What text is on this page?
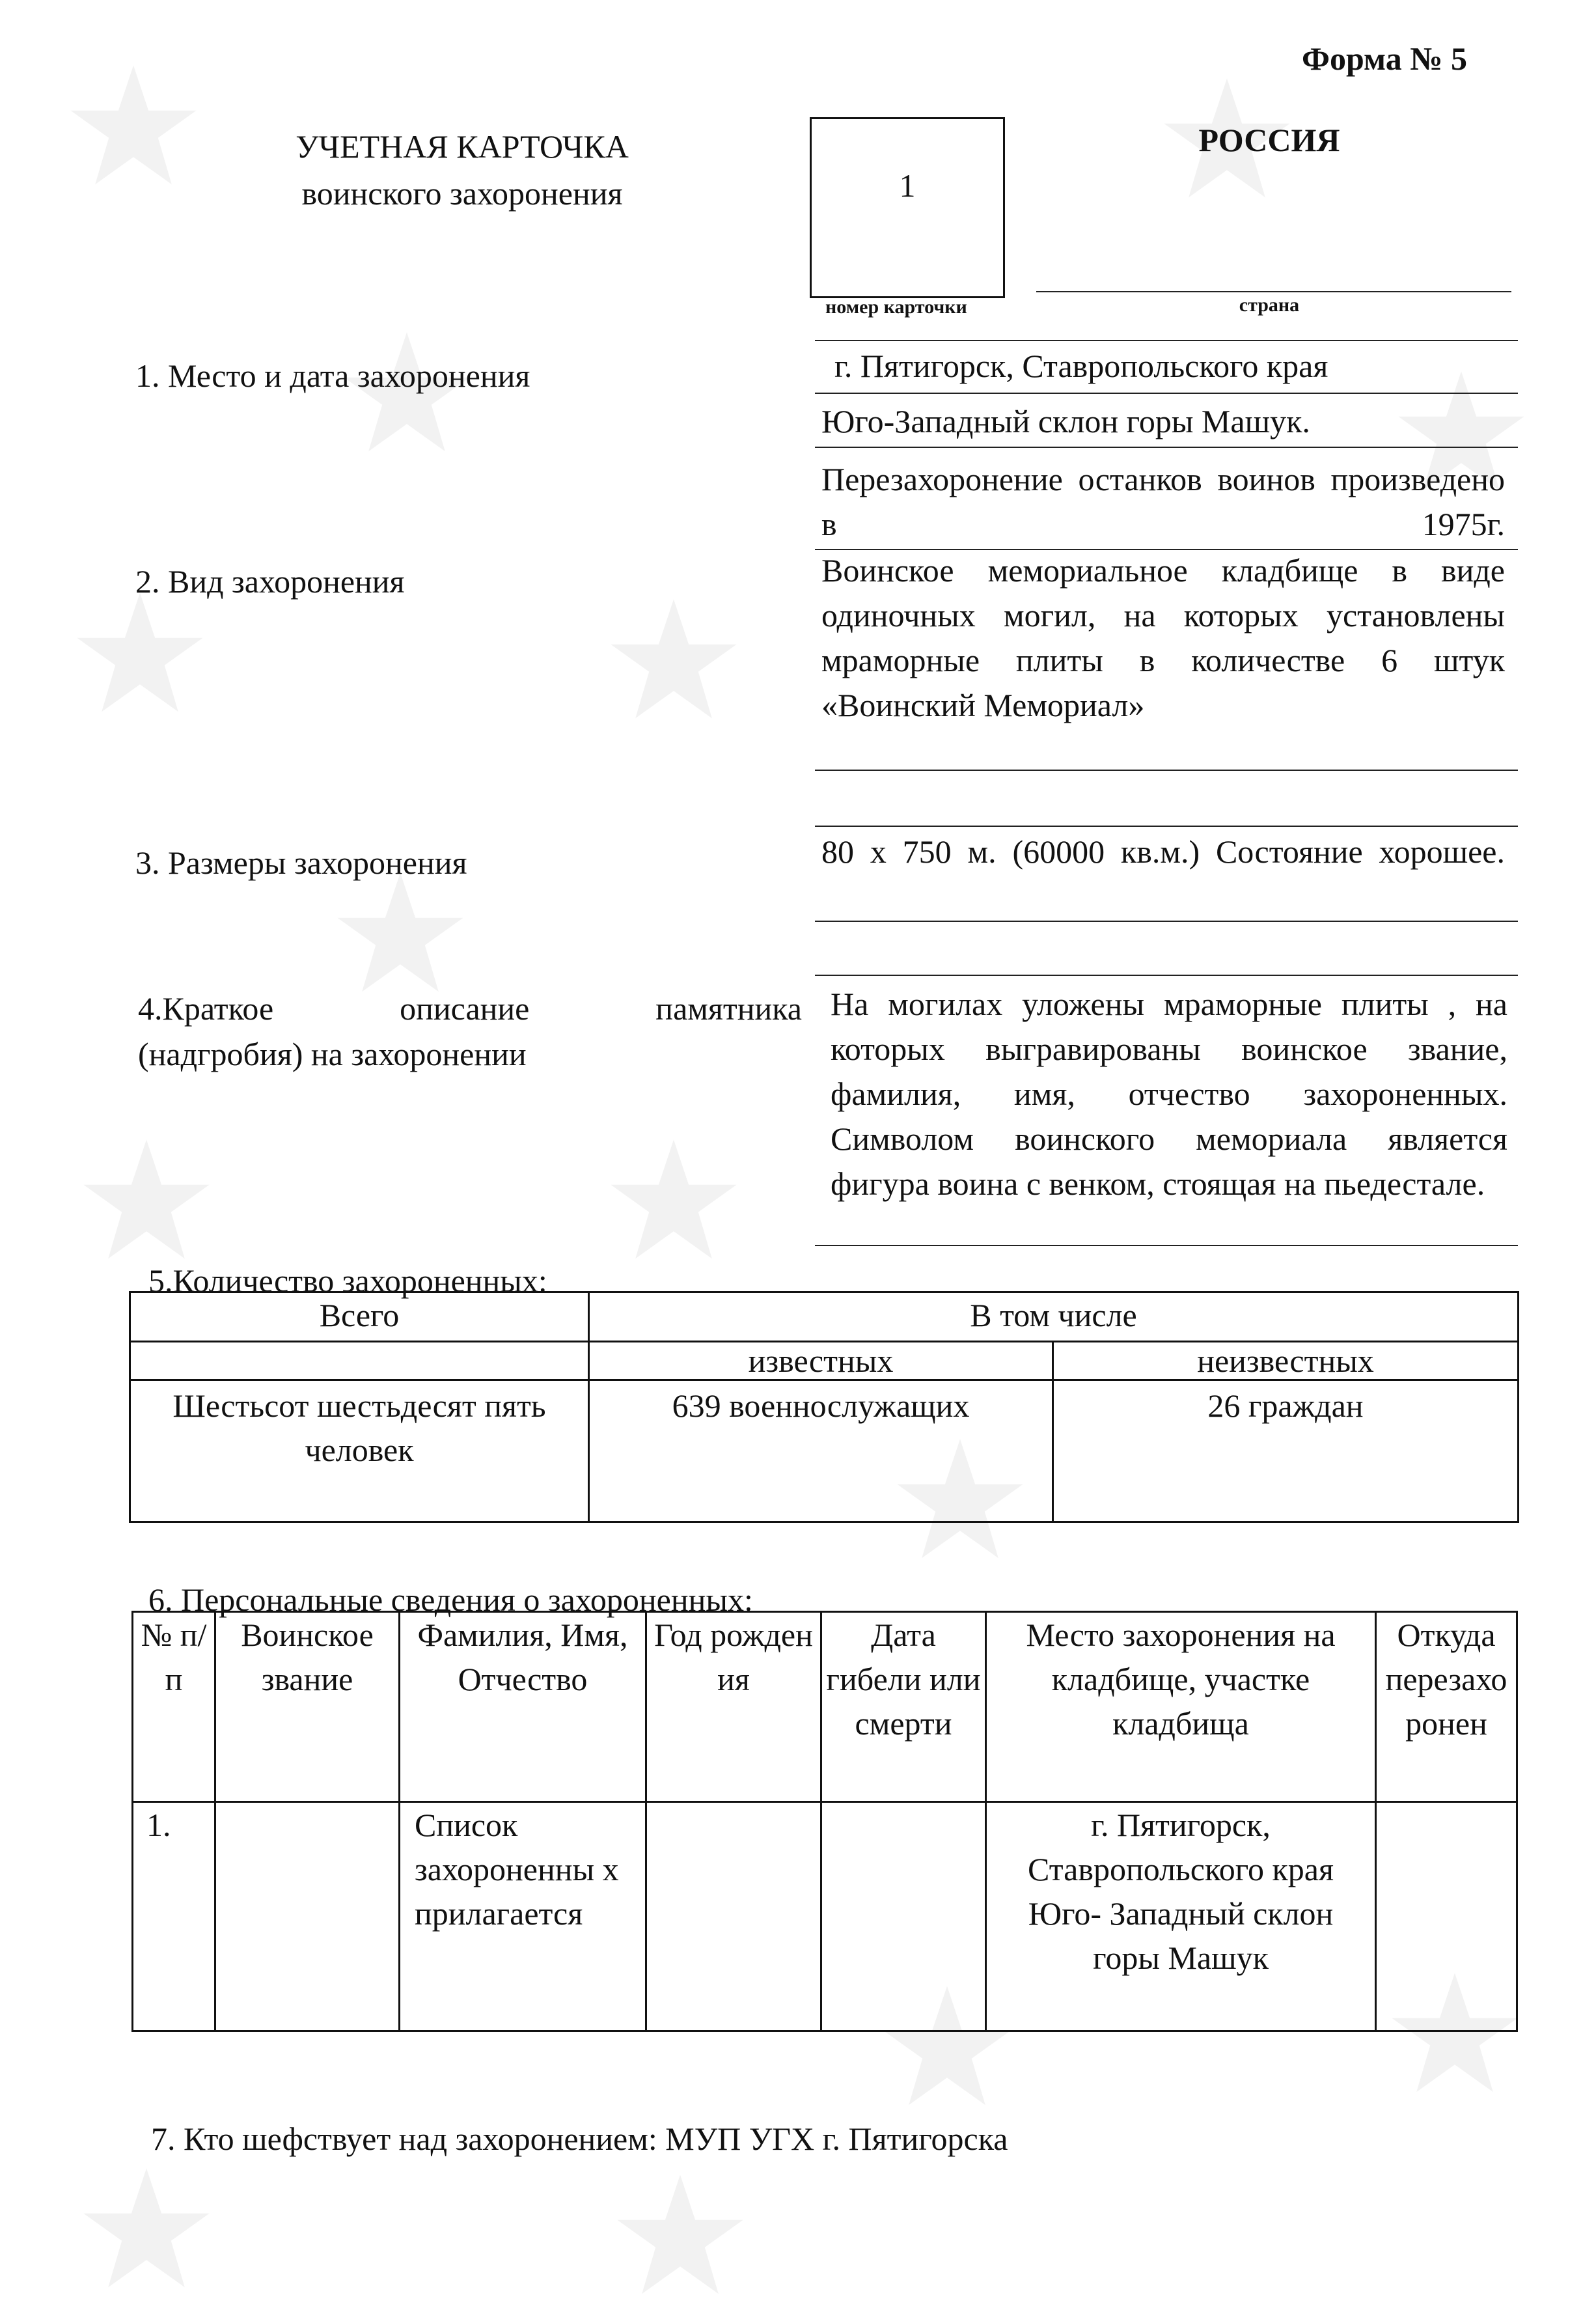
Форма № 5
УЧЕТНАЯ КАРТОЧКА
воинского захоронения	1
номер карточки
РОССИЯ
страна
1. Место и дата захоронения	г. Пятигорск, Ставропольского края
Юго-Западный склон горы Машук.
Перезахоронение останков воинов произведено в 1975г.
2. Вид захоронения	Воинское мемориальное кладбище в виде одиночных могил, на которых установлены мраморные плиты в количестве 6 штук «Воинский Мемориал»
3. Размеры захоронения	80 х 750 м. (60000 кв.м.) Состояние хорошее.
4.Краткое описание памятника
(надгробия) на захоронении
На могилах уложены мраморные плиты , на которых выгравированы воинское звание, фамилия, имя, отчество захороненных. Символом воинского мемориала является фигура воина с венком, стоящая на пьедестале.
5.Количество захороненных:
Всего	В том числе	
	известных	неизвестных
Шестьсот шестьдесят пять человек	639 военнослужащих	26 граждан
6. Персональные сведения о захороненных:
№ п/ п	Воинское звание	Фамилия, Имя, Отчество	Год рожден ия	Дата гибели или смерти	Место захоронения на кладбище, участке кладбища	Откуда перезахо ронен
1.		Список захороненны х прилагается			г. Пятигорск, Ставропольского края Юго- Западный склон горы Машук	
7. Кто шефствует над захоронением: МУП УГХ г. Пятигорска
